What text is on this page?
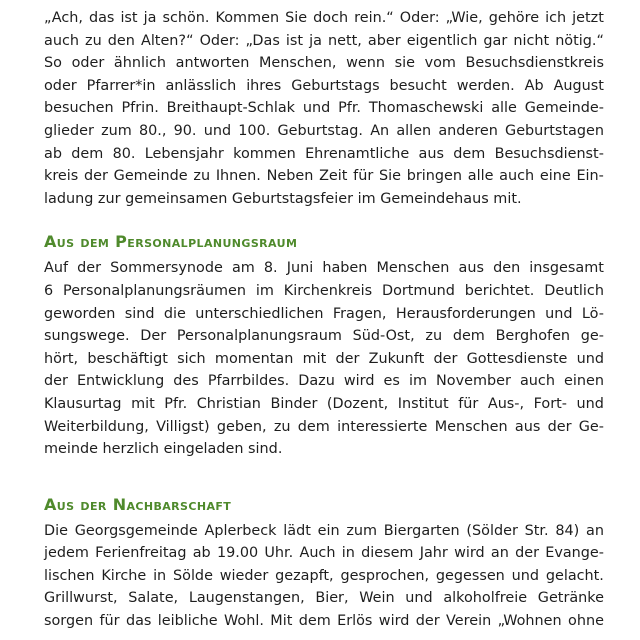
„Ach, das ist ja schön. Kommen Sie doch rein.“ Oder: „Wie, gehöre ich jetzt
auch zu den Alten?“ Oder: „Das ist ja nett, aber eigentlich gar nicht nötig.“
So oder ähnlich antworten Menschen, wenn sie vom Besuchsdienstkreis
oder Pfarrer*in anlässlich ihres Geburtstags besucht werden. Ab August
besuchen Pfrin. Breithaupt-Schlak und Pfr. Thomaschewski alle Gemeinde-
glieder zum 80., 90. und 100. Geburtstag. An allen anderen Geburtstagen
ab dem 80. Lebensjahr kommen Ehrenamtliche aus dem Besuchsdienst-
kreis der Gemeinde zu Ihnen. Neben Zeit für Sie bringen alle auch eine Ein-
ladung zur gemeinsamen Geburtstagsfeier im Gemeindehaus mit.
Aus dem Personalplanungsraum
Auf der Sommersynode am 8. Juni haben Menschen aus den insgesamt
6 Personalplanungsräumen im Kirchenkreis Dortmund berichtet. Deutlich
geworden sind die unterschiedlichen Fragen, Herausforderungen und Lö-
sungswege. Der Personalplanungsraum Süd-Ost, zu dem Berghofen ge-
hört, beschäftigt sich momentan mit der Zukunft der Gottesdienste und
der Entwicklung des Pfarrbildes. Dazu wird es im November auch einen
Klausurtag mit Pfr. Christian Binder (Dozent, Institut für Aus-, Fort- und
Weiterbildung, Villigst) geben, zu dem interessierte Menschen aus der Ge-
meinde herzlich eingeladen sind.
Aus der Nachbarschaft
Die Georgsgemeinde Aplerbeck lädt ein zum Biergarten (Sölder Str. 84) an
jedem Ferienfreitag ab 19.00 Uhr. Auch in diesem Jahr wird an der Evange-
lischen Kirche in Sölde wieder gezapft, gesprochen, gegessen und gelacht.
Grillwurst, Salate, Laugenstangen, Bier, Wein und alkoholfreie Getränke
sorgen für das leibliche Wohl. Mit dem Erlös wird der Verein „Wohnen ohne
